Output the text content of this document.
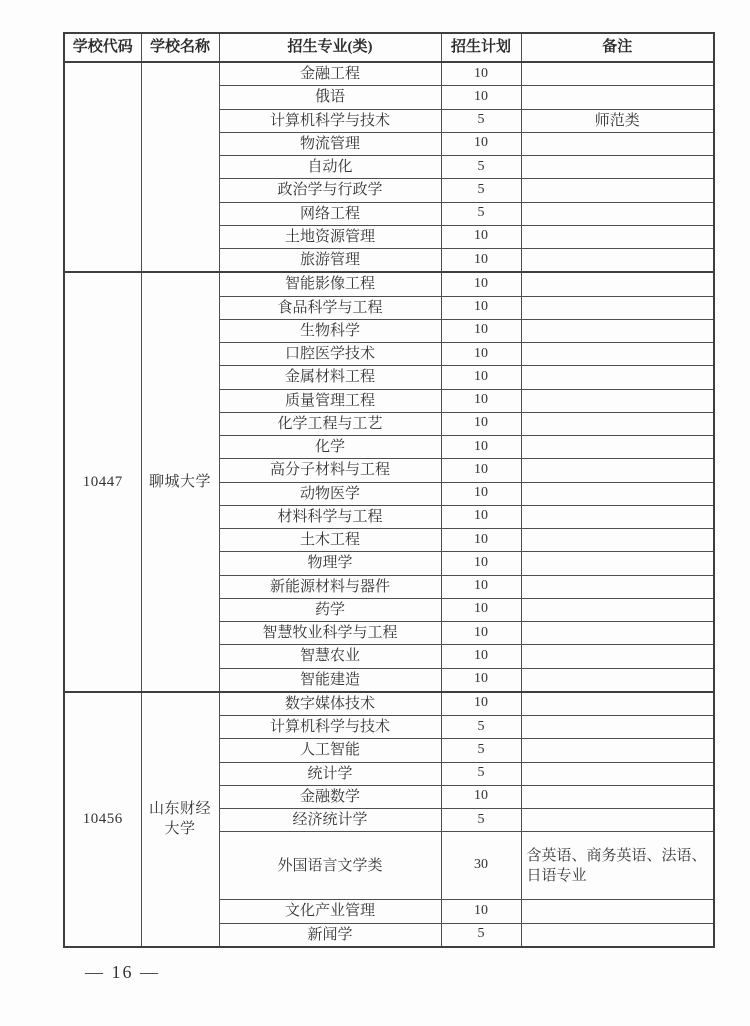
学校代码	学校名称	招生专业(类)	招生计划	备注
		金融工程	10	
		俄语	10	
		计算机科学与技术	5	师范类
		物流管理	10	
		自动化	5	
		政治学与行政学	5	
		网络工程	5	
		土地资源管理	10	
		旅游管理	10	
10447	聊城大学	智能影像工程	10	
		食品科学与工程	10	
		生物科学	10	
		口腔医学技术	10	
		金属材料工程	10	
		质量管理工程	10	
		化学工程与工艺	10	
		化学	10	
		高分子材料与工程	10	
		动物医学	10	
		材料科学与工程	10	
		土木工程	10	
		物理学	10	
		新能源材料与器件	10	
		药学	10	
		智慧牧业科学与工程	10	
		智慧农业	10	
		智能建造	10	
10456	山东财经大学	数字媒体技术	10	
		计算机科学与技术	5	
		人工智能	5	
		统计学	5	
		金融数学	10	
		经济统计学	5	
		外国语言文学类	30	含英语、商务英语、法语、日语专业
		文化产业管理	10	
		新闻学	5	
— 16 —
